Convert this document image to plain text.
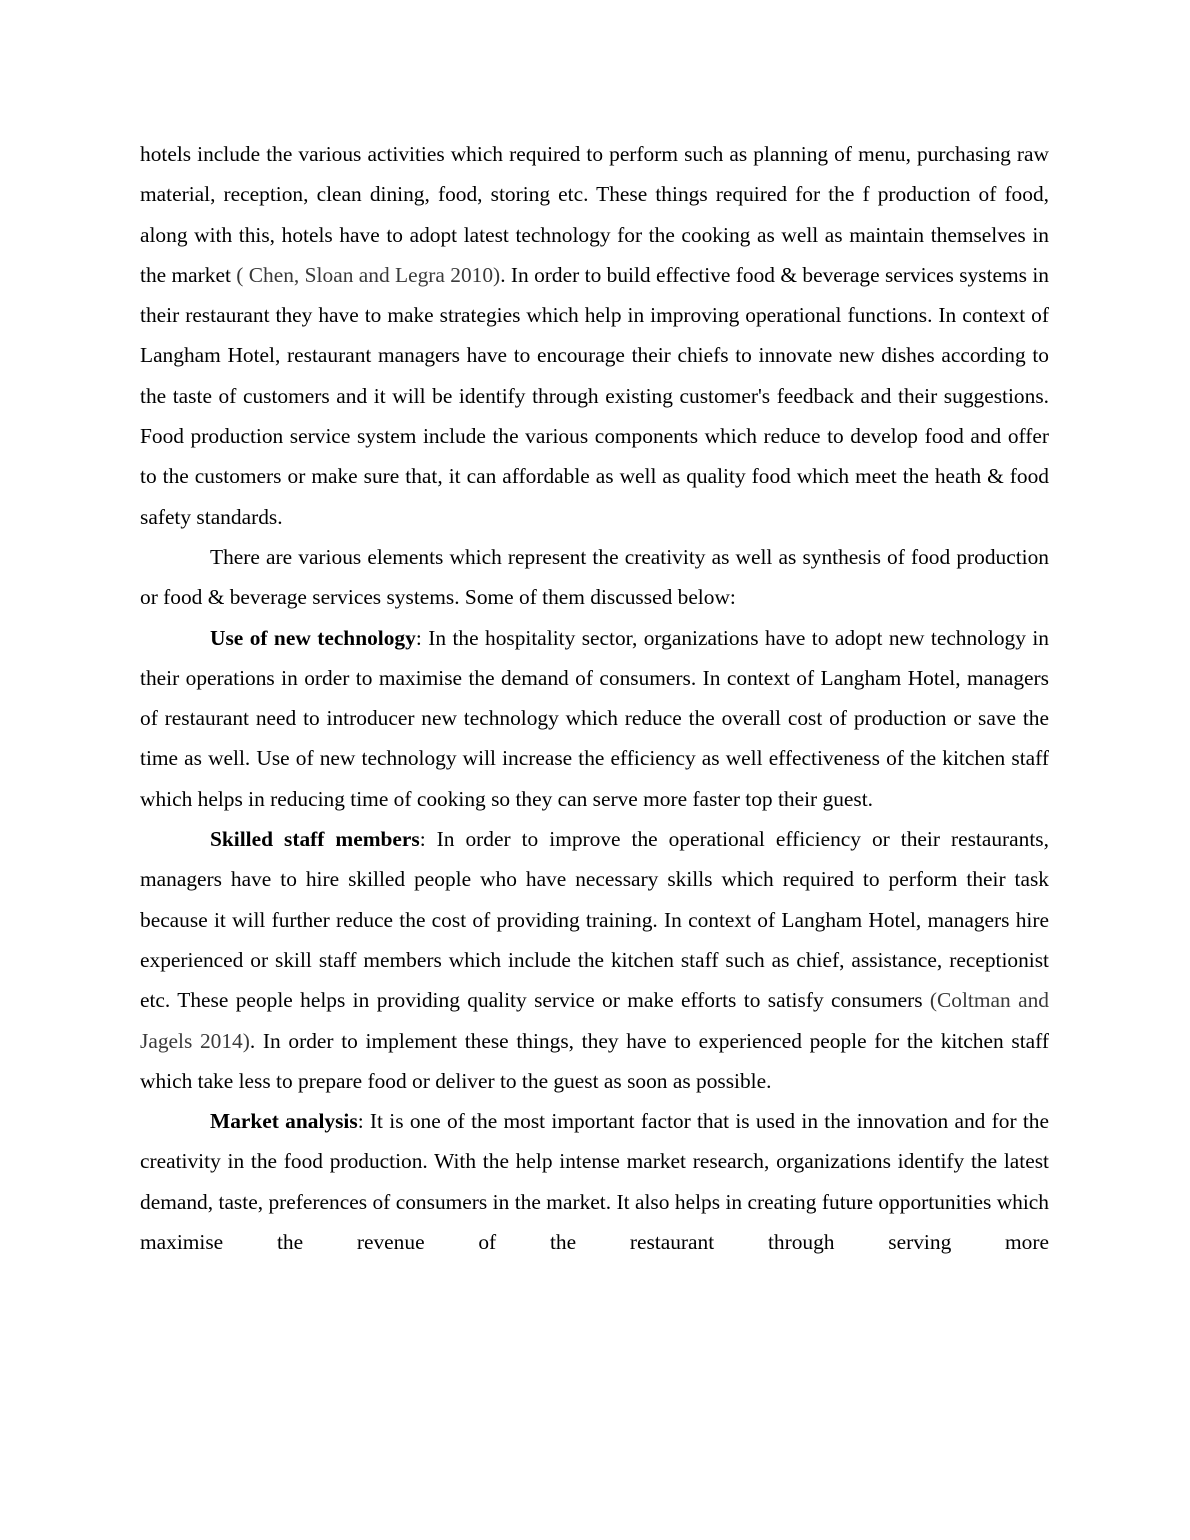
hotels include the various activities which required to perform such as planning of menu, purchasing raw material, reception, clean dining, food, storing etc. These things required for the f production of food, along with this, hotels have to adopt latest technology for the cooking as well as maintain themselves in the market ( Chen, Sloan and Legra 2010). In order to build effective food & beverage services systems in their restaurant they have to make strategies which help in improving operational functions. In context of Langham Hotel, restaurant managers have to encourage their chiefs to innovate new dishes according to the taste of customers and it will be identify through existing customer's feedback and their suggestions. Food production service system include the various components which reduce to develop food and offer to the customers or make sure that, it can affordable as well as quality food which meet the heath & food safety standards.

There are various elements which represent the creativity as well as synthesis of food production or food & beverage services systems. Some of them discussed below:

Use of new technology: In the hospitality sector, organizations have to adopt new technology in their operations in order to maximise the demand of consumers. In context of Langham Hotel, managers of restaurant need to introducer new technology which reduce the overall cost of production or save the time as well. Use of new technology will increase the efficiency as well effectiveness of the kitchen staff which helps in reducing time of cooking so they can serve more faster top their guest.

Skilled staff members: In order to improve the operational efficiency or their restaurants, managers have to hire skilled people who have necessary skills which required to perform their task because it will further reduce the cost of providing training. In context of Langham Hotel, managers hire experienced or skill staff members which include the kitchen staff such as chief, assistance, receptionist etc. These people helps in providing quality service or make efforts to satisfy consumers (Coltman and Jagels 2014). In order to implement these things, they have to experienced people for the kitchen staff which take less to prepare food or deliver to the guest as soon as possible.

Market analysis: It is one of the most important factor that is used in the innovation and for the creativity in the food production. With the help intense market research, organizations identify the latest demand, taste, preferences of consumers in the market. It also helps in creating future opportunities which maximise the revenue of the restaurant through serving more
